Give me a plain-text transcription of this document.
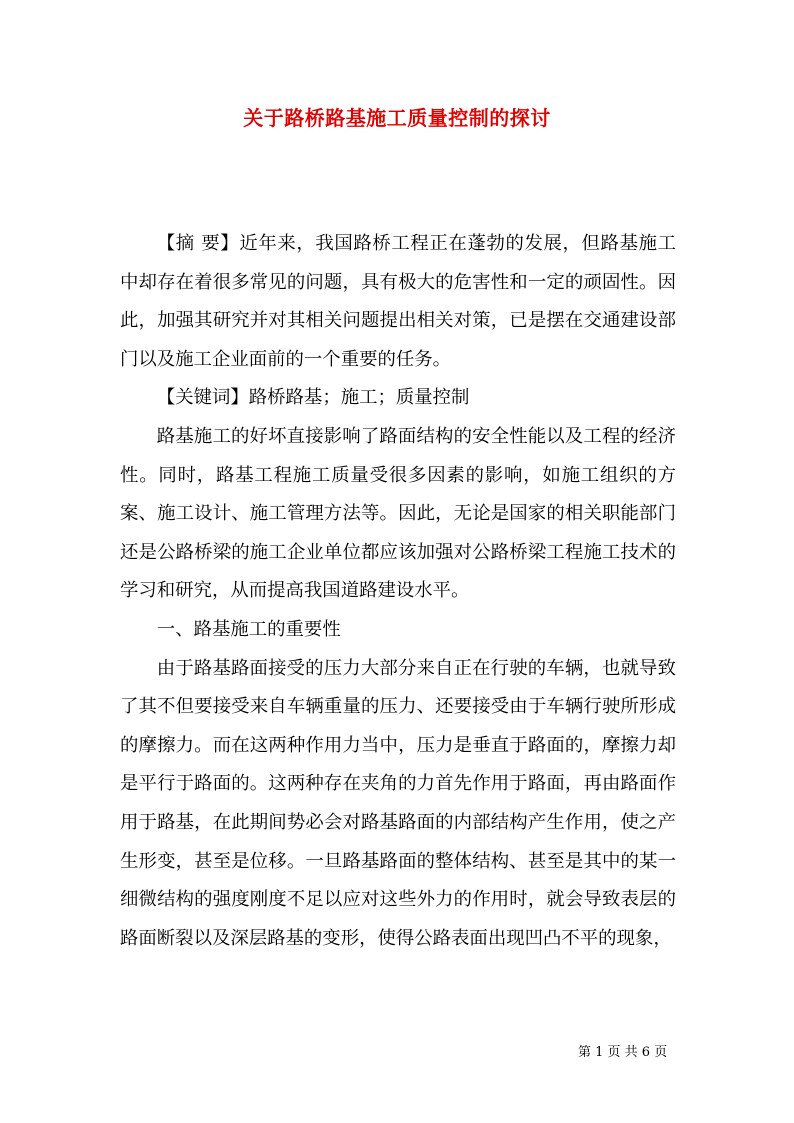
关于路桥路基施工质量控制的探讨

【摘 要】近年来，我国路桥工程正在蓬勃的发展，但路基施工中却存在着很多常见的问题，具有极大的危害性和一定的顽固性。因此，加强其研究并对其相关问题提出相关对策，已是摆在交通建设部门以及施工企业面前的一个重要的任务。

【关键词】路桥路基；施工；质量控制

路基施工的好坏直接影响了路面结构的安全性能以及工程的经济性。同时，路基工程施工质量受很多因素的影响，如施工组织的方案、施工设计、施工管理方法等。因此，无论是国家的相关职能部门还是公路桥梁的施工企业单位都应该加强对公路桥梁工程施工技术的学习和研究，从而提高我国道路建设水平。

一、路基施工的重要性

由于路基路面接受的压力大部分来自正在行驶的车辆，也就导致了其不但要接受来自车辆重量的压力、还要接受由于车辆行驶所形成的摩擦力。而在这两种作用力当中，压力是垂直于路面的，摩擦力却是平行于路面的。这两种存在夹角的力首先作用于路面，再由路面作用于路基，在此期间势必会对路基路面的内部结构产生作用，使之产生形变，甚至是位移。一旦路基路面的整体结构、甚至是其中的某一细微结构的强度刚度不足以应对这些外力的作用时，就会导致表层的路面断裂以及深层路基的变形，使得公路表面出现凹凸不平的现象，

第 1 页 共 6 页
